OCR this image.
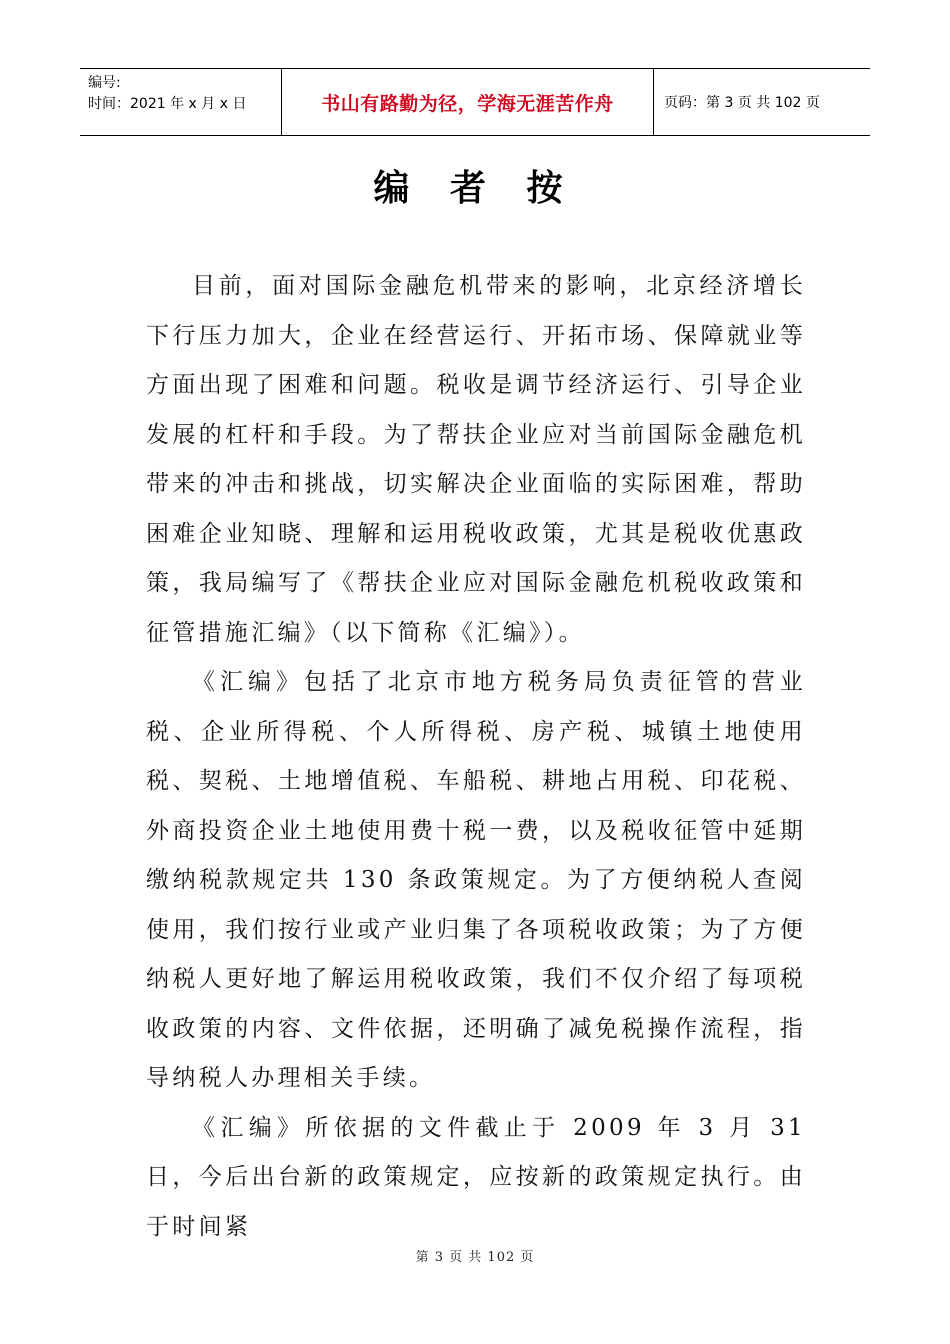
编号:
时间：2021 年 x 月 x 日	书山有路勤为径，学海无涯苦作舟	页码：第 3 页 共 102 页
编 者 按

目前，面对国际金融危机带来的影响，北京经济增长下行压力加大，企业在经营运行、开拓市场、保障就业等方面出现了困难和问题。税收是调节经济运行、引导企业发展的杠杆和手段。为了帮扶企业应对当前国际金融危机带来的冲击和挑战，切实解决企业面临的实际困难，帮助困难企业知晓、理解和运用税收政策，尤其是税收优惠政策，我局编写了《帮扶企业应对国际金融危机税收政策和征管措施汇编》（以下简称《汇编》）。

《汇编》包括了北京市地方税务局负责征管的营业税、企业所得税、个人所得税、房产税、城镇土地使用税、契税、土地增值税、车船税、耕地占用税、印花税、外商投资企业土地使用费十税一费，以及税收征管中延期缴纳税款规定共 130 条政策规定。为了方便纳税人查阅使用，我们按行业或产业归集了各项税收政策；为了方便纳税人更好地了解运用税收政策，我们不仅介绍了每项税收政策的内容、文件依据，还明确了减免税操作流程，指导纳税人办理相关手续。

《汇编》所依据的文件截止于 2009 年 3 月 31 日，今后出台新的政策规定，应按新的政策规定执行。由于时间紧

第 3 页 共 102 页
